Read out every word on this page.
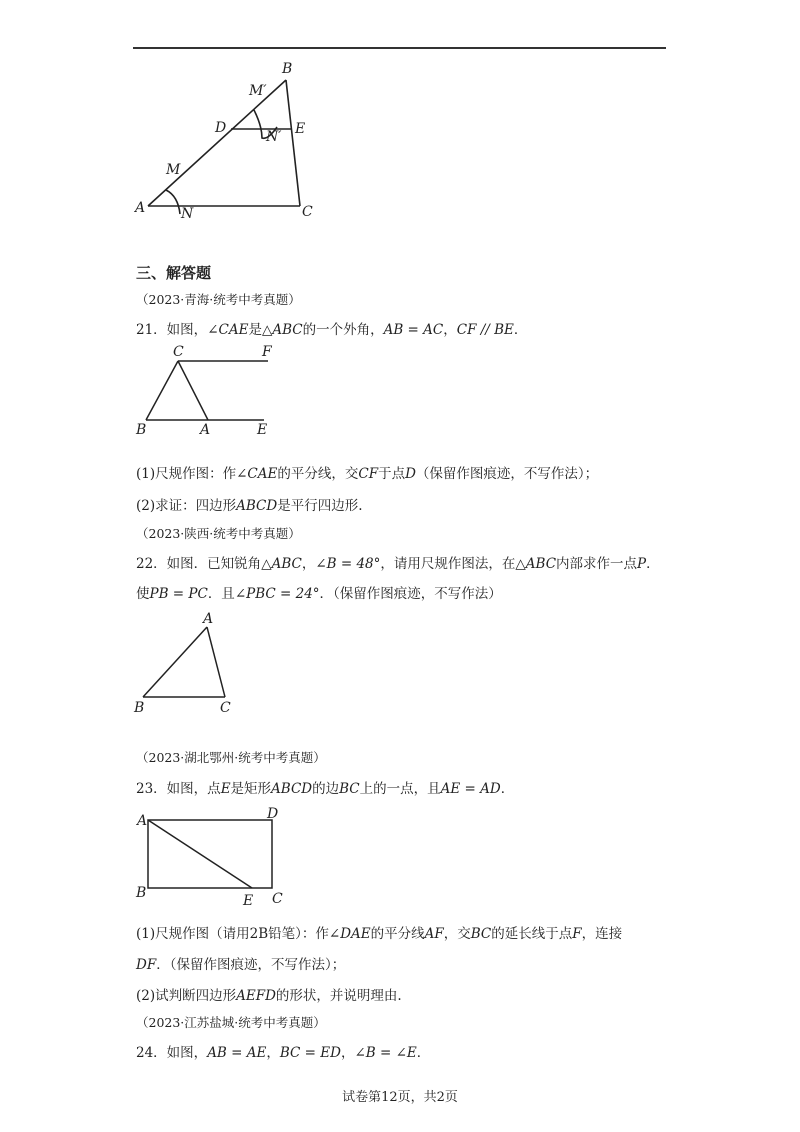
A
B
C
D	E
M
N
M′
N′
三、解答题
（2023·青海·统考中考真题）
21．如图，∠CAE是△ABC的一个外角，AB = AC，CF // BE．
C	F
B	A	E
(1)尺规作图：作∠CAE的平分线，交CF于点D（保留作图痕迹，不写作法）；
(2)求证：四边形ABCD是平行四边形.
（2023·陕西·统考中考真题）
22．如图．已知锐角△ABC，∠B = 48°，请用尺规作图法，在△ABC内部求作一点P．
使PB = PC．且∠PBC = 24°．（保留作图痕迹，不写作法）
A
B	C
（2023·湖北鄂州·统考中考真题）
23．如图，点E是矩形ABCD的边BC上的一点，且AE = AD．
A	D
B	C
E
(1)尺规作图（请用2B铅笔）：作∠DAE的平分线AF，交BC的延长线于点F，连接
DF．（保留作图痕迹，不写作法）；
(2)试判断四边形AEFD的形状，并说明理由.
（2023·江苏盐城·统考中考真题）
24．如图，AB = AE，BC = ED，∠B = ∠E．
试卷第12页，共2页
